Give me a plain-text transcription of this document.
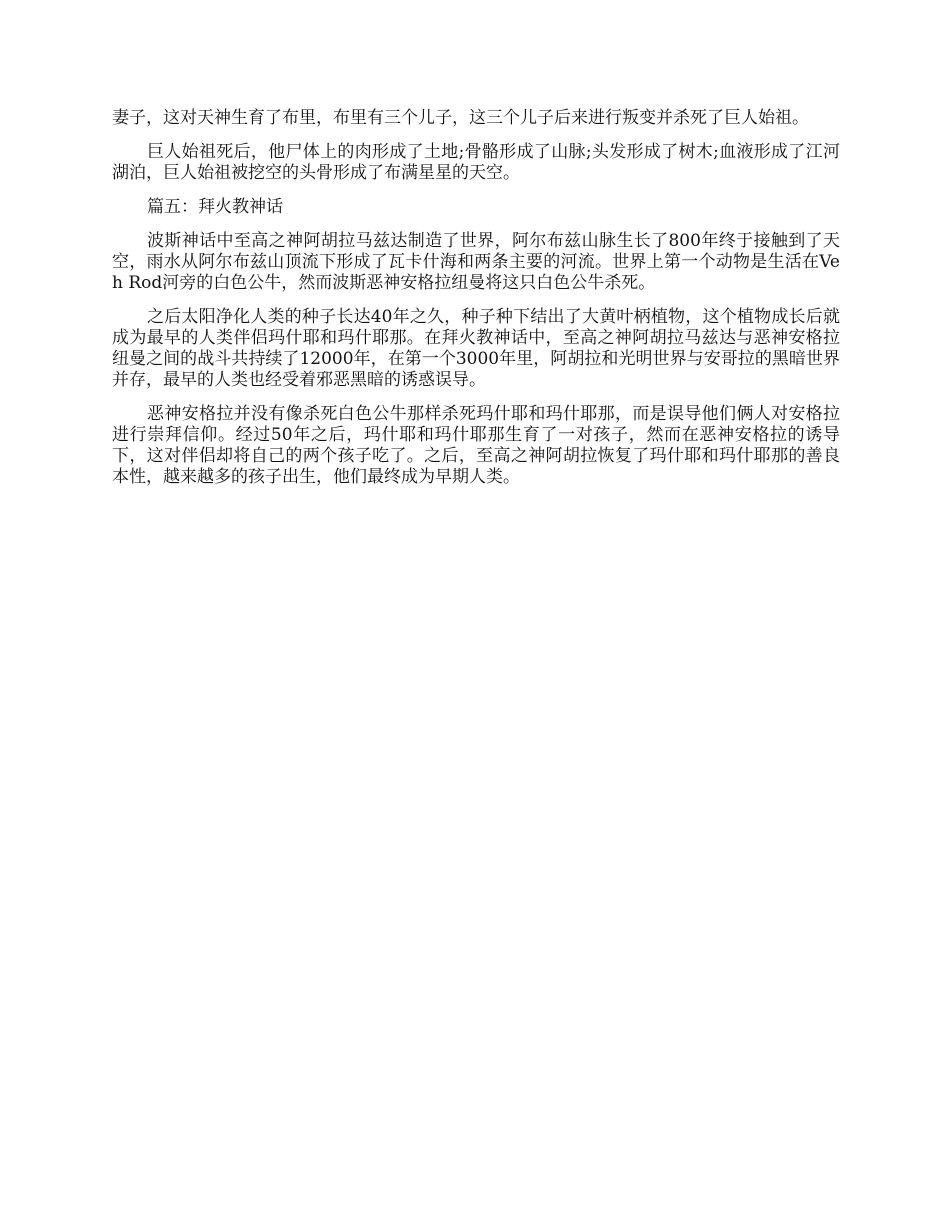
妻子，这对天神生育了布里，布里有三个儿子，这三个儿子后来进行叛变并杀死了巨人始祖。

巨人始祖死后，他尸体上的肉形成了土地;骨骼形成了山脉;头发形成了树木;血液形成了江河湖泊，巨人始祖被挖空的头骨形成了布满星星的天空。

篇五：拜火教神话

波斯神话中至高之神阿胡拉马兹达制造了世界，阿尔布兹山脉生长了800年终于接触到了天空，雨水从阿尔布兹山顶流下形成了瓦卡什海和两条主要的河流。世界上第一个动物是生活在Veh Rod河旁的白色公牛，然而波斯恶神安格拉纽曼将这只白色公牛杀死。

之后太阳净化人类的种子长达40年之久，种子种下结出了大黄叶柄植物，这个植物成长后就成为最早的人类伴侣玛什耶和玛什耶那。在拜火教神话中，至高之神阿胡拉马兹达与恶神安格拉纽曼之间的战斗共持续了12000年，在第一个3000年里，阿胡拉和光明世界与安哥拉的黑暗世界并存，最早的人类也经受着邪恶黑暗的诱惑误导。

恶神安格拉并没有像杀死白色公牛那样杀死玛什耶和玛什耶那，而是误导他们俩人对安格拉进行崇拜信仰。经过50年之后，玛什耶和玛什耶那生育了一对孩子，然而在恶神安格拉的诱导下，这对伴侣却将自己的两个孩子吃了。之后，至高之神阿胡拉恢复了玛什耶和玛什耶那的善良本性，越来越多的孩子出生，他们最终成为早期人类。
